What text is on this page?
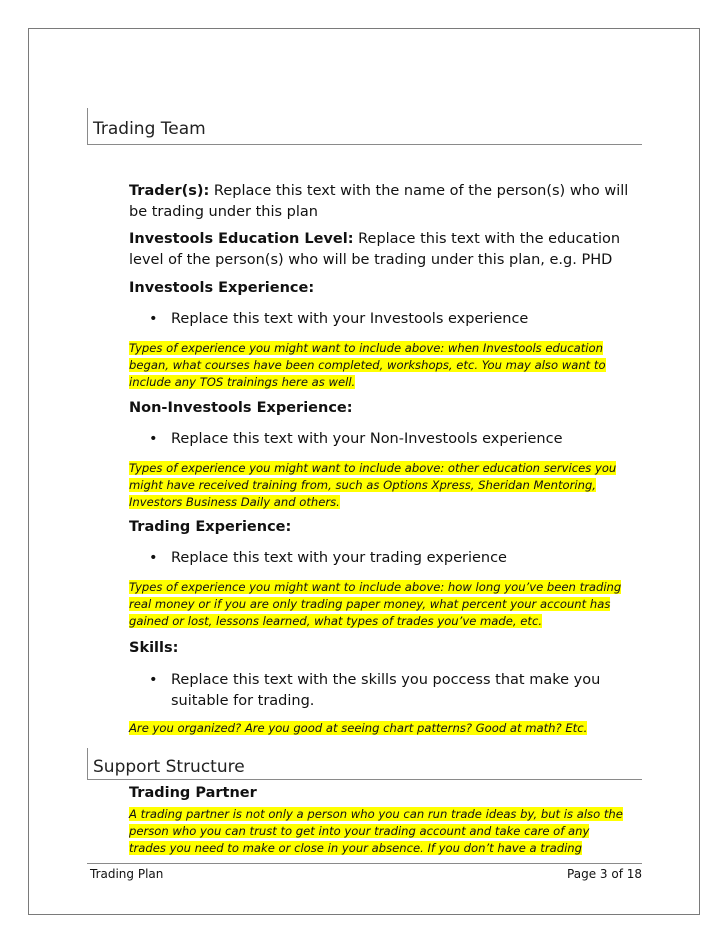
Trading Team

Trader(s): Replace this text with the name of the person(s) who will
be trading under this plan

Investools Education Level: Replace this text with the education
level of the person(s) who will be trading under this plan, e.g. PHD

Investools Experience:

• Replace this text with your Investools experience

Types of experience you might want to include above: when Investools education
began, what courses have been completed, workshops, etc. You may also want to
include any TOS trainings here as well.

Non-Investools Experience:

• Replace this text with your Non-Investools experience

Types of experience you might want to include above: other education services you
might have received training from, such as Options Xpress, Sheridan Mentoring,
Investors Business Daily and others.

Trading Experience:

• Replace this text with your trading experience

Types of experience you might want to include above: how long you’ve been trading
real money or if you are only trading paper money, what percent your account has
gained or lost, lessons learned, what types of trades you’ve made, etc.

Skills:

• Replace this text with the skills you poccess that make you
suitable for trading.

Are you organized? Are you good at seeing chart patterns? Good at math? Etc.

Support Structure

Trading Partner

A trading partner is not only a person who you can run trade ideas by, but is also the
person who you can trust to get into your trading account and take care of any
trades you need to make or close in your absence. If you don’t have a trading

Trading Plan	Page 3 of 18
